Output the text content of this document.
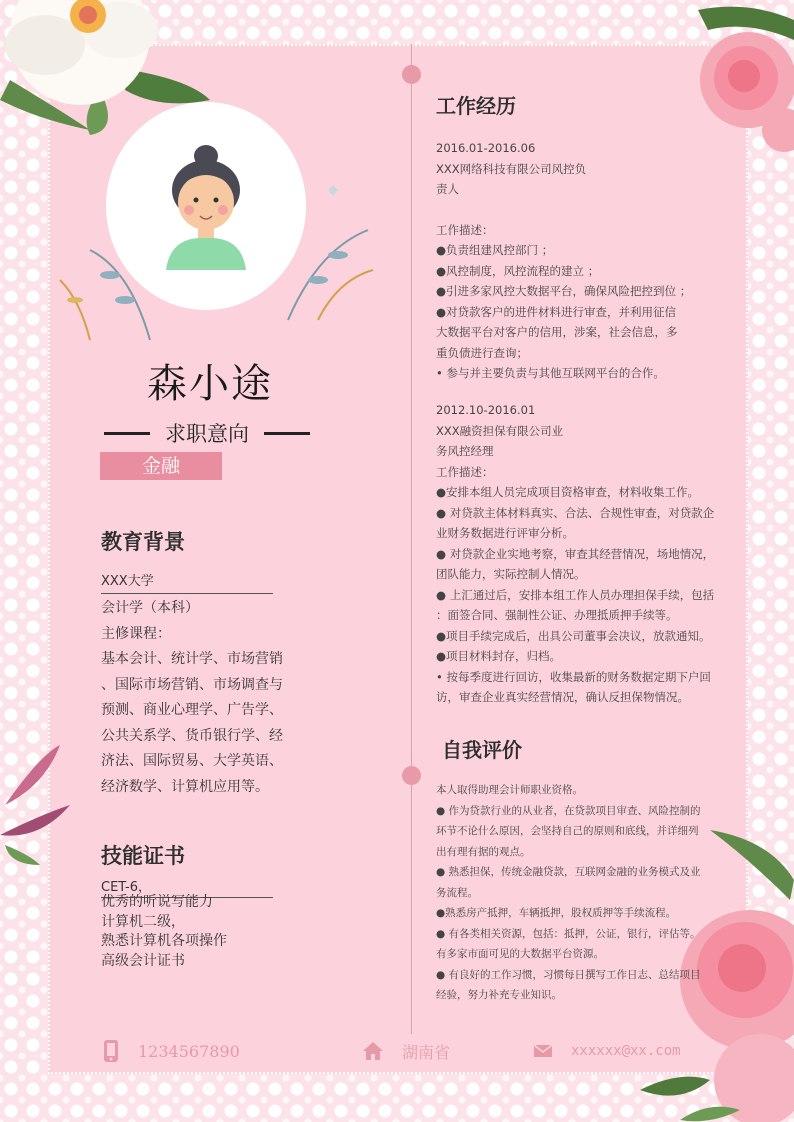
森小途
求职意向
金融
教育背景
XXX大学
会计学（本科）
主修课程：
基本会计、统计学、市场营销
、国际市场营销、市场调查与
预测、商业心理学、广告学、
公共关系学、货币银行学、经
济法、国际贸易、大学英语、
经济数学、计算机应用等。
技能证书
CET-6，
优秀的听说写能力
计算机二级，
熟悉计算机各项操作
高级会计证书
工作经历
2016.01-2016.06
XXX网络科技有限公司风控负
责人
工作描述：
●负责组建风控部门 ；
●风控制度，风控流程的建立 ；
●引进多家风控大数据平台，确保风险把控到位 ；
●对贷款客户的进件材料进行审查，并利用征信
大数据平台对客户的信用，涉案，社会信息，多
重负债进行查询；
• 参与并主要负责与其他互联网平台的合作。
2012.10-2016.01
XXX融资担保有限公司业
务风控经理
工作描述：
●安排本组人员完成项目资格审查，材料收集工作。
● 对贷款主体材料真实、合法、合规性审查，对贷款企
业财务数据进行评审分析。
● 对贷款企业实地考察，审查其经营情况，场地情况，
团队能力，实际控制人情况。
● 上汇通过后，安排本组工作人员办理担保手续，包括
：面签合同、强制性公证、办理抵质押手续等。
●项目手续完成后，出具公司董事会决议，放款通知。
●项目材料封存，归档。
• 按每季度进行回访，收集最新的财务数据定期下户回
访，审查企业真实经营情况，确认反担保物情况。
自我评价
本人取得助理会计师职业资格。
● 作为贷款行业的从业者，在贷款项目审查、风险控制的
环节不论什么原因，会坚持自己的原则和底线，并详细列
出有理有据的观点。
● 熟悉担保，传统金融贷款，互联网金融的业务模式及业
务流程。
●熟悉房产抵押，车辆抵押，股权质押等手续流程。
● 有各类相关资源，包括：抵押，公证，银行，评估等。
有多家市面可见的大数据平台资源。
● 有良好的工作习惯，习惯每日撰写工作日志、总结项目
经验，努力补充专业知识。
1234567890	湖南省	xxxxxx@xx.com
